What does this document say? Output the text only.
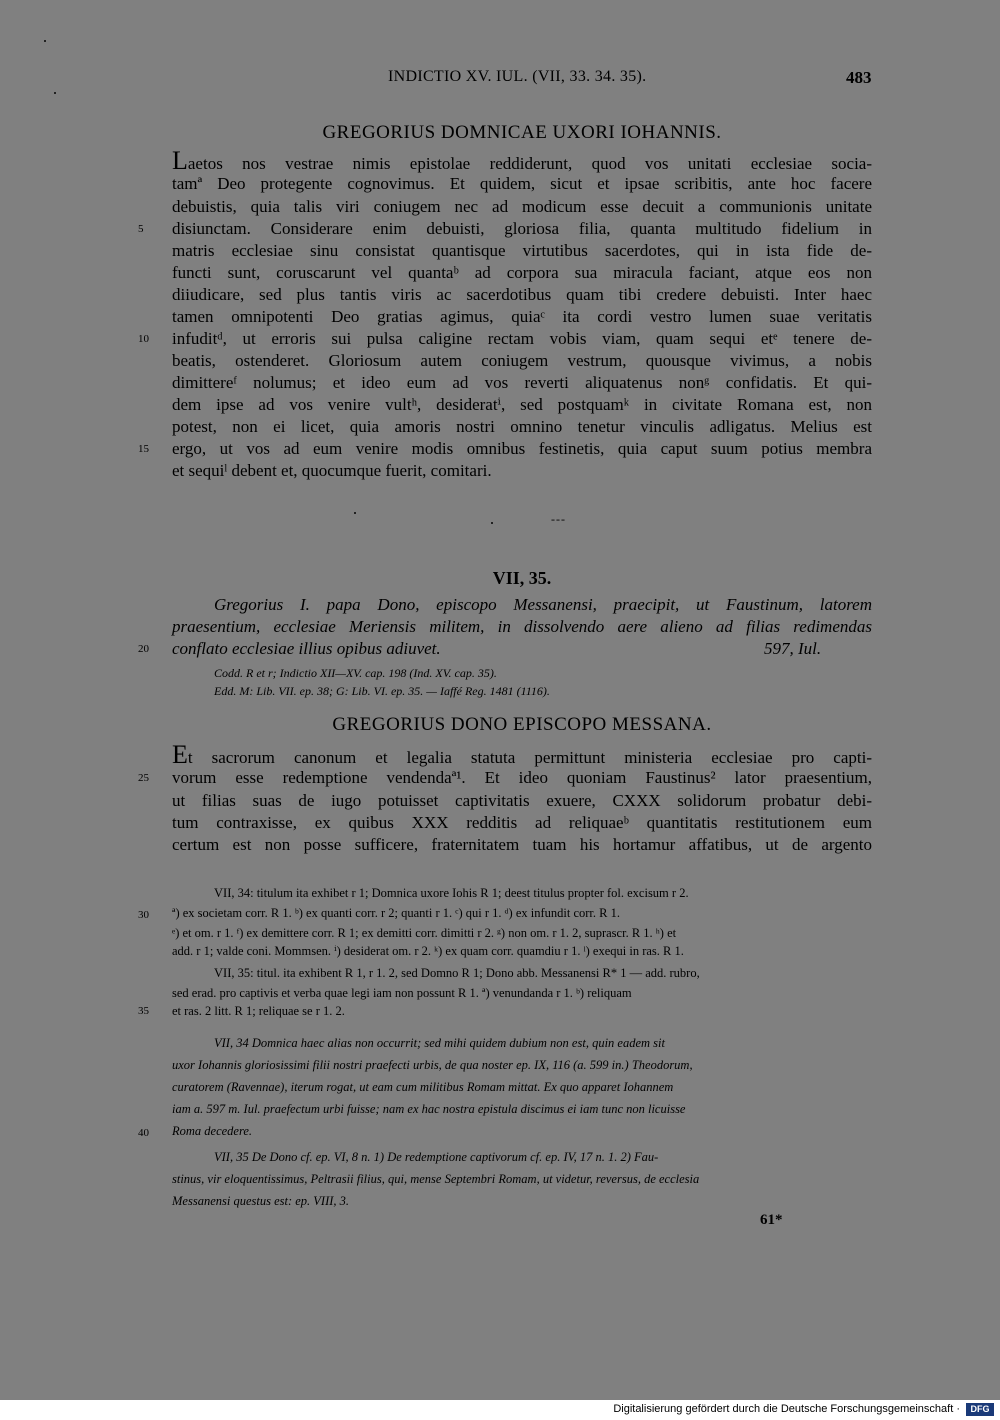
INDICTIO XV. IUL. (VII, 33. 34. 35).	483
GREGORIUS DOMNICAE UXORI IOHANNIS.
Laetos nos vestrae nimis epistolae reddiderunt, quod vos unitati ecclesiae socia-
tamª Deo protegente cognovimus. Et quidem, sicut et ipsae scribitis, ante hoc facere
debuistis, quia talis viri coniugem nec ad modicum esse decuit a communionis unitate
disiunctam. Considerare enim debuisti, gloriosa filia, quanta multitudo fidelium in
matris ecclesiae sinu consistat quantisque virtutibus sacerdotes, qui in ista fide de-
functi sunt, coruscarunt vel quantaᵇ ad corpora sua miracula faciant, atque eos non
diiudicare, sed plus tantis viris ac sacerdotibus quam tibi credere debuisti. Inter haec
tamen omnipotenti Deo gratias agimus, quiaᶜ ita cordi vestro lumen suae veritatis
infuditᵈ, ut erroris sui pulsa caligine rectam vobis viam, quam sequi etᵉ tenere de-
beatis, ostenderet. Gloriosum autem coniugem vestrum, quousque vivimus, a nobis
dimittereᶠ nolumus; et ideo eum ad vos reverti aliquatenus nonᵍ confidatis. Et qui-
dem ipse ad vos venire vultʰ, desideratⁱ, sed postquamᵏ in civitate Romana est, non
potest, non ei licet, quia amoris nostri omnino tenetur vinculis adligatus. Melius est
ergo, ut vos ad eum venire modis omnibus festinetis, quia caput suum potius membra
et sequiˡ debent et, quocumque fuerit, comitari.
---
VII, 35.
Gregorius I. papa Dono, episcopo Messanensi, praecipit, ut Faustinum, latorem
praesentium, ecclesiae Meriensis militem, in dissolvendo aere alieno ad filias redimendas
conflato ecclesiae illius opibus adiuvet.	597, Iul.
Codd. R et r; Indictio XII—XV. cap. 198 (Ind. XV. cap. 35).
Edd. M: Lib. VII. ep. 38; G: Lib. VI. ep. 35. — Iaffé Reg. 1481 (1116).
GREGORIUS DONO EPISCOPO MESSANA.
Et sacrorum canonum et legalia statuta permittunt ministeria ecclesiae pro capti-
vorum esse redemptione vendendaª¹. Et ideo quoniam Faustinus² lator praesentium,
ut filias suas de iugo potuisset captivitatis exuere, CXXX solidorum probatur debi-
tum contraxisse, ex quibus XXX redditis ad reliquaeᵇ quantitatis restitutionem eum
certum est non posse sufficere, fraternitatem tuam his hortamur affatibus, ut de argento
VII, 34: titulum ita exhibet r 1; Domnica uxore Iohis R 1; deest titulus propter fol. excisum r 2.
ª) ex societam corr. R 1. ᵇ) ex quanti corr. r 2; quanti r 1. ᶜ) qui r 1. ᵈ) ex infundit corr. R 1.
ᵉ) et om. r 1. ᶠ) ex demittere corr. R 1; ex demitti corr. dimitti r 2. ᵍ) non om. r 1. 2, suprascr. R 1. ʰ) et
add. r 1; valde coni. Mommsen. ⁱ) desiderat om. r 2. ᵏ) ex quam corr. quamdiu r 1. ˡ) exequi in ras. R 1.
VII, 35: titul. ita exhibent R 1, r 1. 2, sed Domno R 1; Dono abb. Messanensi R* 1 — add. rubro,
sed erad. pro captivis et verba quae legi iam non possunt R 1. ª) venundanda r 1. ᵇ) reliquam
et ras. 2 litt. R 1; reliquae se r 1. 2.
VII, 34 Domnica haec alias non occurrit; sed mihi quidem dubium non est, quin eadem sit
uxor Iohannis gloriosissimi filii nostri praefecti urbis, de qua noster ep. IX, 116 (a. 599 in.) Theodorum,
curatorem (Ravennae), iterum rogat, ut eam cum militibus Romam mittat. Ex quo apparet Iohannem
iam a. 597 m. Iul. praefectum urbi fuisse; nam ex hac nostra epistula discimus ei iam tunc non licuisse
Roma decedere.
VII, 35 De Dono cf. ep. VI, 8 n. 1) De redemptione captivorum cf. ep. IV, 17 n. 1. 2) Fau-
stinus, vir eloquentissimus, Peltrasii filius, qui, mense Septembri Romam, ut videtur, reversus, de ecclesia
Messanensi questus est: ep. VIII, 3.
61*
5
10
15
20
25
30
35
40
Digitalisierung gefördert durch die Deutsche Forschungsgemeinschaft ·	DFG
